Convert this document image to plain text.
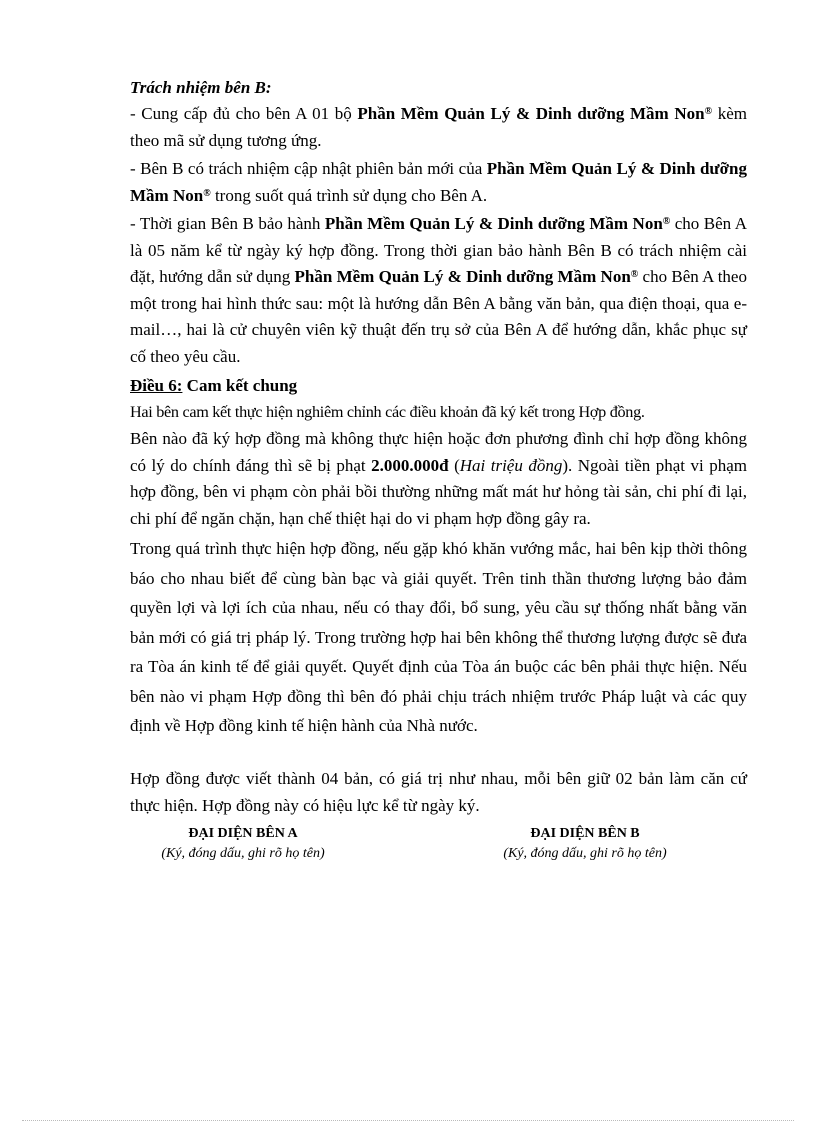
Trách nhiệm bên B:

- Cung cấp đủ cho bên A 01 bộ Phần Mềm Quản Lý & Dinh dưỡng Mầm Non® kèm theo mã sử dụng tương ứng.

- Bên B có trách nhiệm cập nhật phiên bản mới của Phần Mềm Quản Lý & Dinh dưỡng Mầm Non® trong suốt quá trình sử dụng cho Bên A.

- Thời gian Bên B bảo hành Phần Mềm Quản Lý & Dinh dưỡng Mầm Non® cho Bên A là 05 năm kể từ ngày ký hợp đồng. Trong thời gian bảo hành Bên B có trách nhiệm cài đặt, hướng dẫn sử dụng Phần Mềm Quản Lý & Dinh dưỡng Mầm Non® cho Bên A theo một trong hai hình thức sau: một là hướng dẫn Bên A bằng văn bản, qua điện thoại, qua e-mail…, hai là cử chuyên viên kỹ thuật đến trụ sở của Bên A để hướng dẫn, khắc phục sự cố theo yêu cầu.

Điều 6: Cam kết chung

Hai bên cam kết thực hiện nghiêm chỉnh các điều khoản đã ký kết trong Hợp đồng.

Bên nào đã ký hợp đồng mà không thực hiện hoặc đơn phương đình chỉ hợp đồng không có lý do chính đáng thì sẽ bị phạt 2.000.000đ (Hai triệu đồng). Ngoài tiền phạt vi phạm hợp đồng, bên vi phạm còn phải bồi thường những mất mát hư hỏng tài sản, chi phí đi lại, chi phí để ngăn chặn, hạn chế thiệt hại do vi phạm hợp đồng gây ra.

Trong quá trình thực hiện hợp đồng, nếu gặp khó khăn vướng mắc, hai bên kịp thời thông báo cho nhau biết để cùng bàn bạc và giải quyết. Trên tinh thần thương lượng bảo đảm quyền lợi và lợi ích của nhau, nếu có thay đổi, bổ sung, yêu cầu sự thống nhất bằng văn bản mới có giá trị pháp lý. Trong trường hợp hai bên không thể thương lượng được sẽ đưa ra Tòa án kinh tế để giải quyết. Quyết định của Tòa án buộc các bên phải thực hiện. Nếu bên nào vi phạm Hợp đồng thì bên đó phải chịu trách nhiệm trước Pháp luật và các quy định về Hợp đồng kinh tế hiện hành của Nhà nước.

Hợp đồng được viết thành 04 bản, có giá trị như nhau, mỗi bên giữ 02 bản làm căn cứ thực hiện. Hợp đồng này có hiệu lực kể từ ngày ký.

ĐẠI DIỆN BÊN A
(Ký, đóng dấu, ghi rõ họ tên)
ĐẠI DIỆN BÊN B
(Ký, đóng dấu, ghi rõ họ tên)
